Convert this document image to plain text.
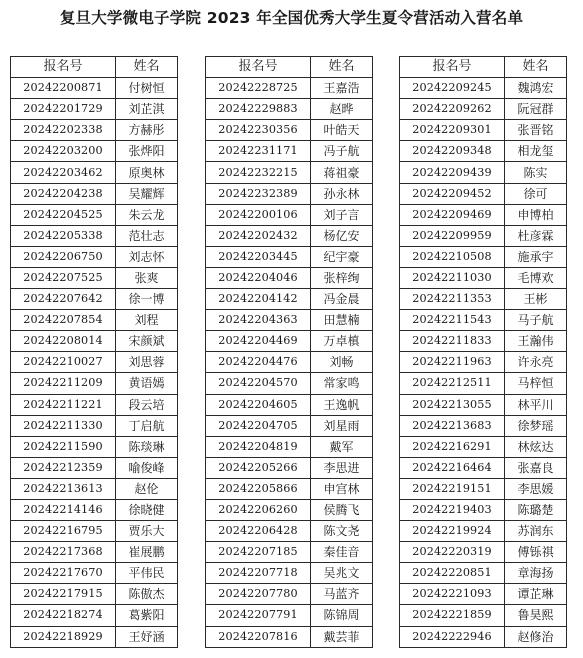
复旦大学微电子学院 2023 年全国优秀大学生夏令营活动入营名单
报名号	姓名
20242200871	付树恒
20242201729	刘芷淇
20242202338	方赫彤
20242203200	张烨阳
20242203462	原奥林
20242204238	吴耀辉
20242204525	朱云龙
20242205338	范壮志
20242206750	刘志怀
20242207525	张爽
20242207642	徐一博
20242207854	刘程
20242208014	宋颜斌
20242210027	刘思蓉
20242211209	黄语嫣
20242211221	段云培
20242211330	丁启航
20242211590	陈琰琳
20242212359	喻俊峰
20242213613	赵伦
20242214146	徐晓健
20242216795	贾乐大
20242217368	崔展鹏
20242217670	平伟民
20242217915	陈傲杰
20242218274	葛紫阳
20242218929	王妤涵
报名号	姓名
20242228725	王嘉浩
20242229883	赵晔
20242230356	叶皓天
20242231171	冯子航
20242232215	蒋祖豪
20242232389	孙永林
20242200106	刘子言
20242202432	杨亿安
20242203445	纪宇豪
20242204046	张梓绚
20242204142	冯金晨
20242204363	田慧楠
20242204469	万卓槙
20242204476	刘畅
20242204570	常家鸣
20242204605	王逸帆
20242204705	刘星雨
20242204819	戴军
20242205266	李思进
20242205866	申宫林
20242206260	侯腾飞
20242206428	陈文尧
20242207185	秦佳音
20242207718	吴兆文
20242207780	马蓝齐
20242207791	陈锦周
20242207816	戴芸菲
报名号	姓名
20242209245	魏鸿宏
20242209262	阮冠群
20242209301	张晋铭
20242209348	相龙玺
20242209439	陈实
20242209452	徐可
20242209469	申博柏
20242209959	杜彦霖
20242210508	施承宇
20242211030	毛博欢
20242211353	王彬
20242211543	马子航
20242211833	王瀚伟
20242211963	许永亮
20242212511	马梓恒
20242213055	林平川
20242213683	徐梦瑶
20242216291	林炫达
20242216464	张嘉良
20242219151	李思媛
20242219403	陈璐楚
20242219924	苏润东
20242220319	傅铄祺
20242220851	章海扬
20242221093	谭芷琳
20242221859	鲁昊熙
20242222946	赵修治
